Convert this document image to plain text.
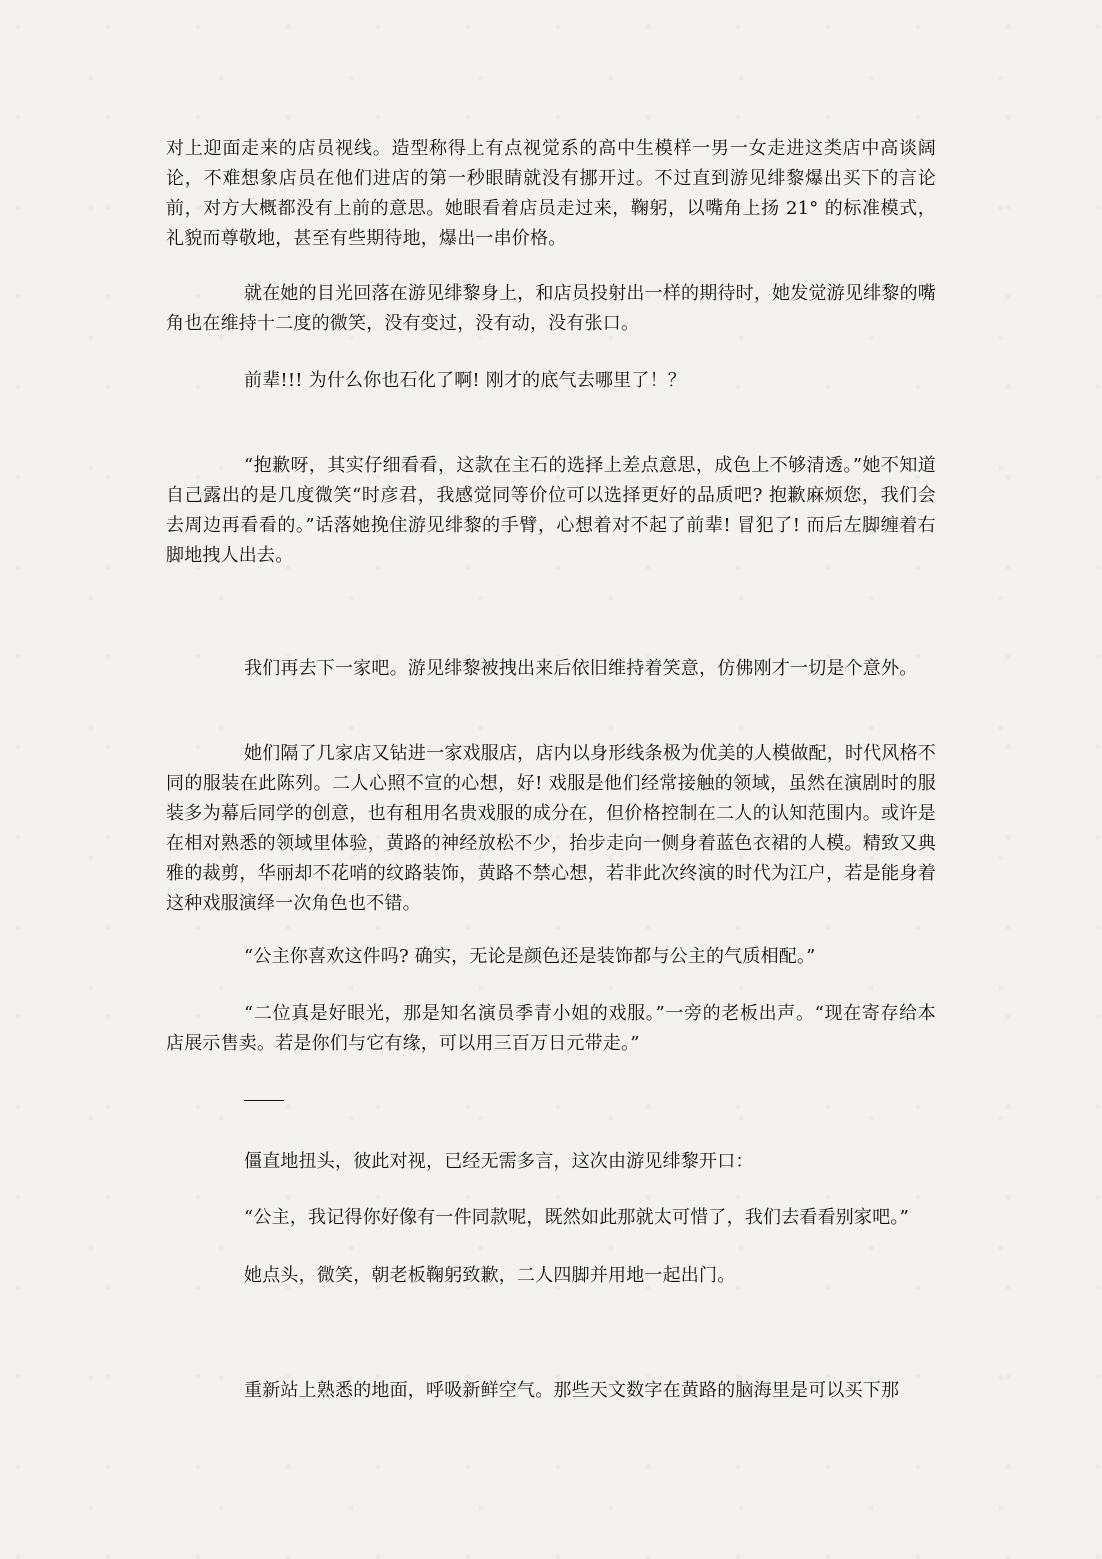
对上迎面走来的店员视线。造型称得上有点视觉系的高中生模样一男一女走进这类店中高谈阔论，不难想象店员在他们进店的第一秒眼睛就没有挪开过。不过直到游见绯黎爆出买下的言论前，对方大概都没有上前的意思。她眼看着店员走过来，鞠躬，以嘴角上扬 21° 的标准模式，礼貌而尊敬地，甚至有些期待地，爆出一串价格。

就在她的目光回落在游见绯黎身上，和店员投射出一样的期待时，她发觉游见绯黎的嘴角也在维持十二度的微笑，没有变过，没有动，没有张口。

前辈!!! 为什么你也石化了啊! 刚才的底气去哪里了！？

“抱歉呀，其实仔细看看，这款在主石的选择上差点意思，成色上不够清透。”她不知道自己露出的是几度微笑“时彦君，我感觉同等价位可以选择更好的品质吧? 抱歉麻烦您，我们会去周边再看看的。”话落她挽住游见绯黎的手臂，心想着对不起了前辈! 冒犯了! 而后左脚缠着右脚地拽人出去。

我们再去下一家吧。游见绯黎被拽出来后依旧维持着笑意，仿佛刚才一切是个意外。

她们隔了几家店又钻进一家戏服店，店内以身形线条极为优美的人模做配，时代风格不同的服装在此陈列。二人心照不宣的心想，好! 戏服是他们经常接触的领域，虽然在演剧时的服装多为幕后同学的创意，也有租用名贵戏服的成分在，但价格控制在二人的认知范围内。或许是在相对熟悉的领域里体验，黄路的神经放松不少，抬步走向一侧身着蓝色衣裙的人模。精致又典雅的裁剪，华丽却不花哨的纹路装饰，黄路不禁心想，若非此次终演的时代为江户，若是能身着这种戏服演绎一次角色也不错。

“公主你喜欢这件吗? 确实，无论是颜色还是装饰都与公主的气质相配。”

“二位真是好眼光，那是知名演员季青小姐的戏服。”一旁的老板出声。“现在寄存给本店展示售卖。若是你们与它有缘，可以用三百万日元带走。”

僵直地扭头，彼此对视，已经无需多言，这次由游见绯黎开口：

“公主，我记得你好像有一件同款呢，既然如此那就太可惜了，我们去看看别家吧。”

她点头，微笑，朝老板鞠躬致歉，二人四脚并用地一起出门。

重新站上熟悉的地面，呼吸新鲜空气。那些天文数字在黄路的脑海里是可以买下那
